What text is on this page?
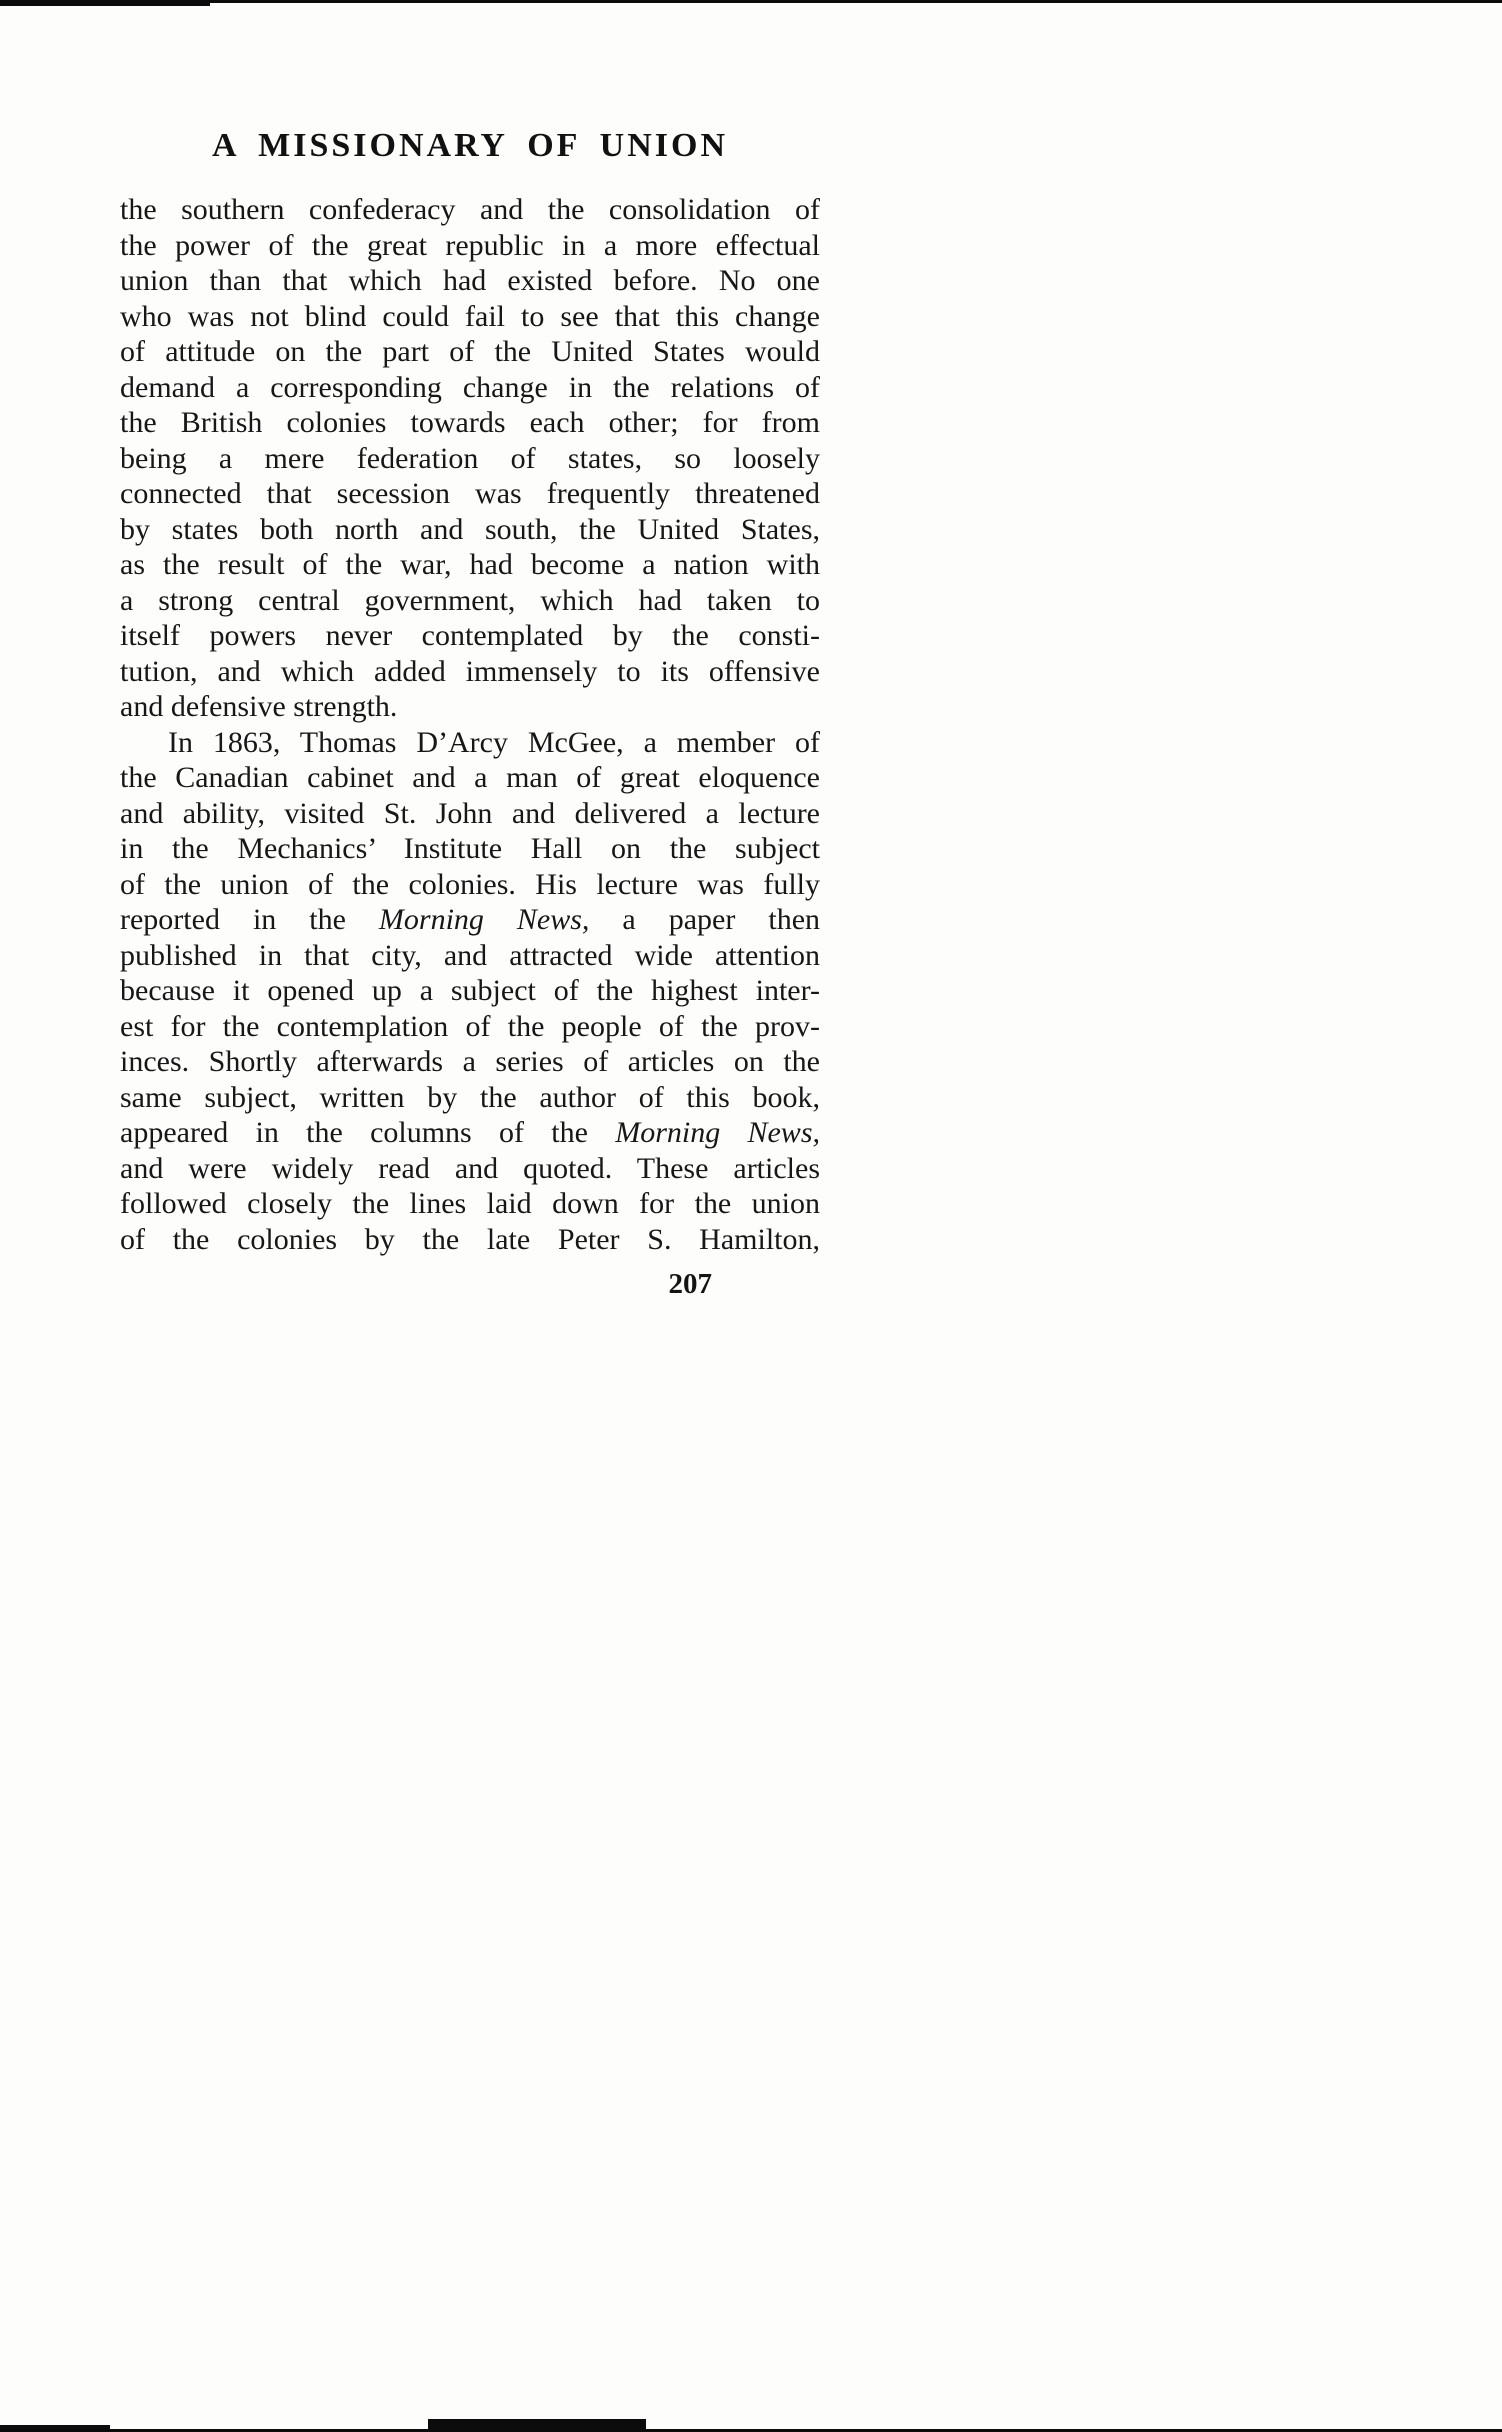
A MISSIONARY OF UNION
the southern confederacy and the consolidation of
the power of the great republic in a more effectual
union than that which had existed before. No one
who was not blind could fail to see that this change
of attitude on the part of the United States would
demand a corresponding change in the relations of
the British colonies towards each other; for from
being a mere federation of states, so loosely
connected that secession was frequently threatened
by states both north and south, the United States,
as the result of the war, had become a nation with
a strong central government, which had taken to
itself powers never contemplated by the consti-
tution, and which added immensely to its offensive
and defensive strength.
In 1863, Thomas D’Arcy McGee, a member of
the Canadian cabinet and a man of great eloquence
and ability, visited St. John and delivered a lecture
in the Mechanics’ Institute Hall on the subject
of the union of the colonies. His lecture was fully
reported in the Morning News, a paper then
published in that city, and attracted wide attention
because it opened up a subject of the highest inter-
est for the contemplation of the people of the prov-
inces. Shortly afterwards a series of articles on the
same subject, written by the author of this book,
appeared in the columns of the Morning News,
and were widely read and quoted. These articles
followed closely the lines laid down for the union
of the colonies by the late Peter S. Hamilton,
207
